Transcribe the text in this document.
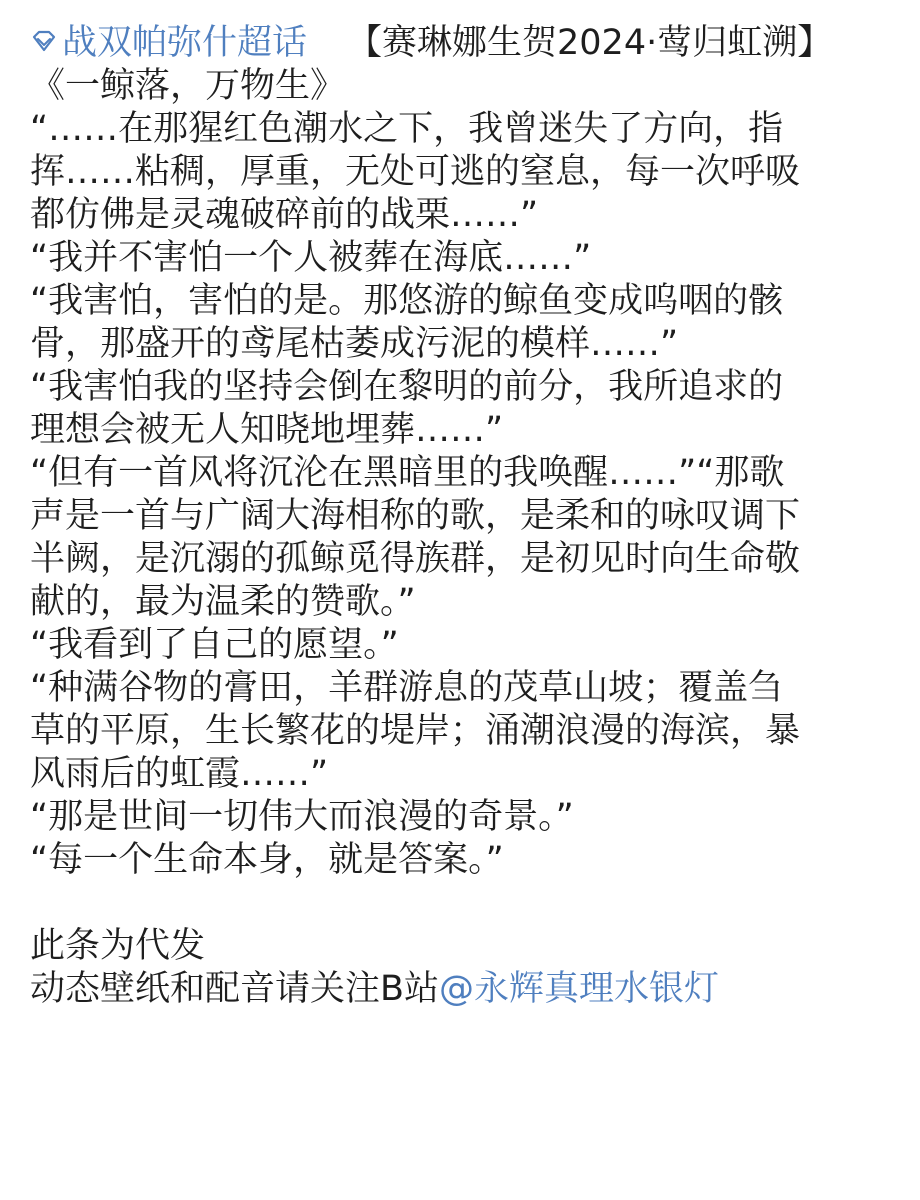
战双帕弥什超话 【赛琳娜生贺2024·莺归虹溯】
《一鲸落，万物生》
“……在那猩红色潮水之下，我曾迷失了方向，指
挥……粘稠，厚重，无处可逃的窒息，每一次呼吸
都仿佛是灵魂破碎前的战栗……”
“我并不害怕一个人被葬在海底……”
“我害怕，害怕的是。那悠游的鲸鱼变成呜咽的骸
骨，那盛开的鸢尾枯萎成污泥的模样……”
“我害怕我的坚持会倒在黎明的前分，我所追求的
理想会被无人知晓地埋葬……”
“但有一首风将沉沦在黑暗里的我唤醒……”“那歌
声是一首与广阔大海相称的歌，是柔和的咏叹调下
半阙，是沉溺的孤鲸觅得族群，是初见时向生命敬
献的，最为温柔的赞歌。”
“我看到了自己的愿望。”
“种满谷物的膏田，羊群游息的茂草山坡；覆盖刍
草的平原，生长繁花的堤岸；涌潮浪漫的海滨，暴
风雨后的虹霞……”
“那是世间一切伟大而浪漫的奇景。”
“每一个生命本身，就是答案。”
此条为代发
动态壁纸和配音请关注B站@永辉真理水银灯
